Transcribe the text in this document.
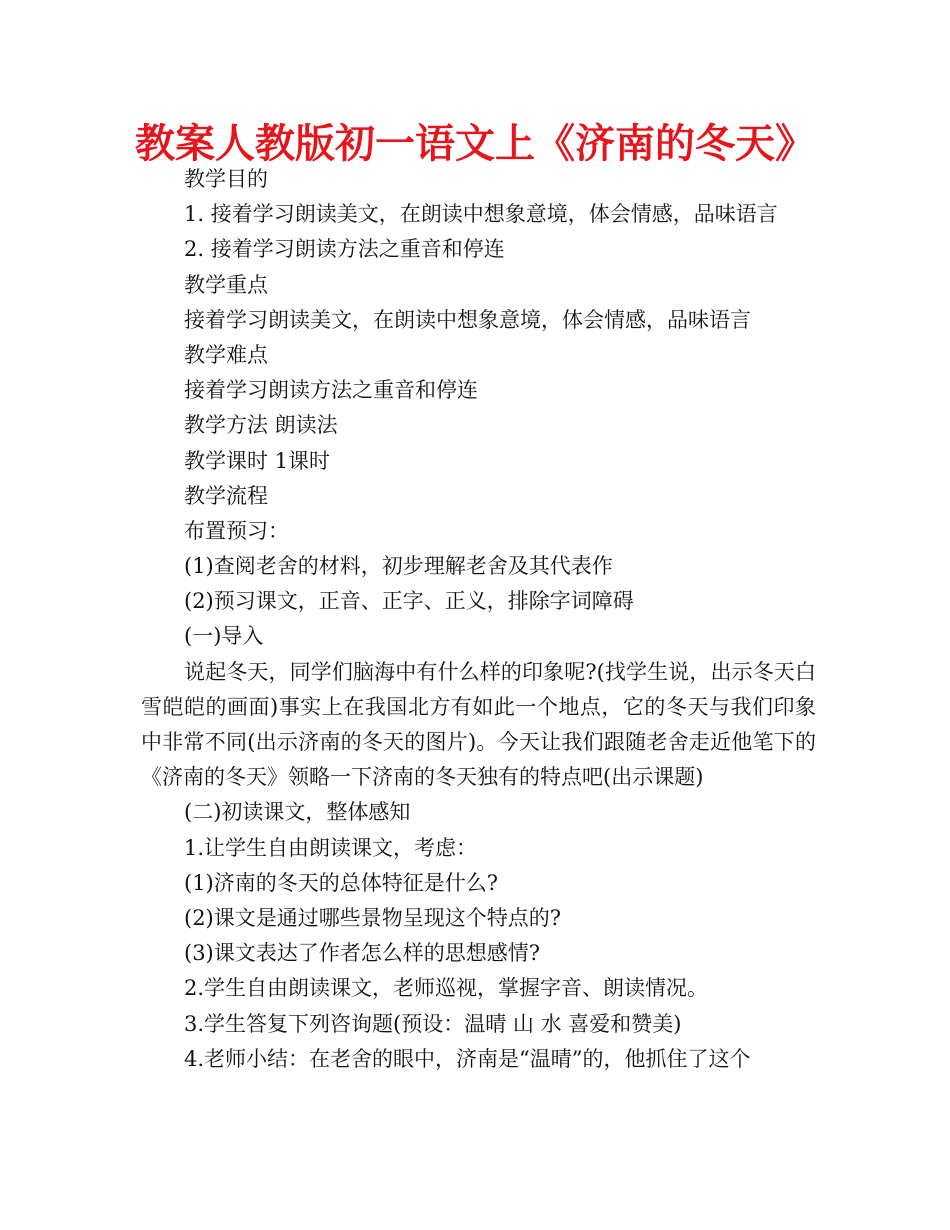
教案人教版初一语文上《济南的冬天》
教学目的
1. 接着学习朗读美文，在朗读中想象意境，体会情感，品味语言
2. 接着学习朗读方法之重音和停连
教学重点
接着学习朗读美文，在朗读中想象意境，体会情感，品味语言
教学难点
接着学习朗读方法之重音和停连
教学方法 朗读法
教学课时 1课时
教学流程
布置预习：
(1)查阅老舍的材料，初步理解老舍及其代表作
(2)预习课文，正音、正字、正义，排除字词障碍
(一)导入
说起冬天，同学们脑海中有什么样的印象呢?(找学生说，出示冬天白雪皑皑的画面)事实上在我国北方有如此一个地点，它的冬天与我们印象中非常不同(出示济南的冬天的图片)。今天让我们跟随老舍走近他笔下的《济南的冬天》领略一下济南的冬天独有的特点吧(出示课题)
(二)初读课文，整体感知
1.让学生自由朗读课文，考虑：
(1)济南的冬天的总体特征是什么?
(2)课文是通过哪些景物呈现这个特点的?
(3)课文表达了作者怎么样的思想感情?
2.学生自由朗读课文，老师巡视，掌握字音、朗读情况。
3.学生答复下列咨询题(预设：温晴 山 水 喜爱和赞美)
4.老师小结：在老舍的眼中，济南是“温晴”的，他抓住了这个
